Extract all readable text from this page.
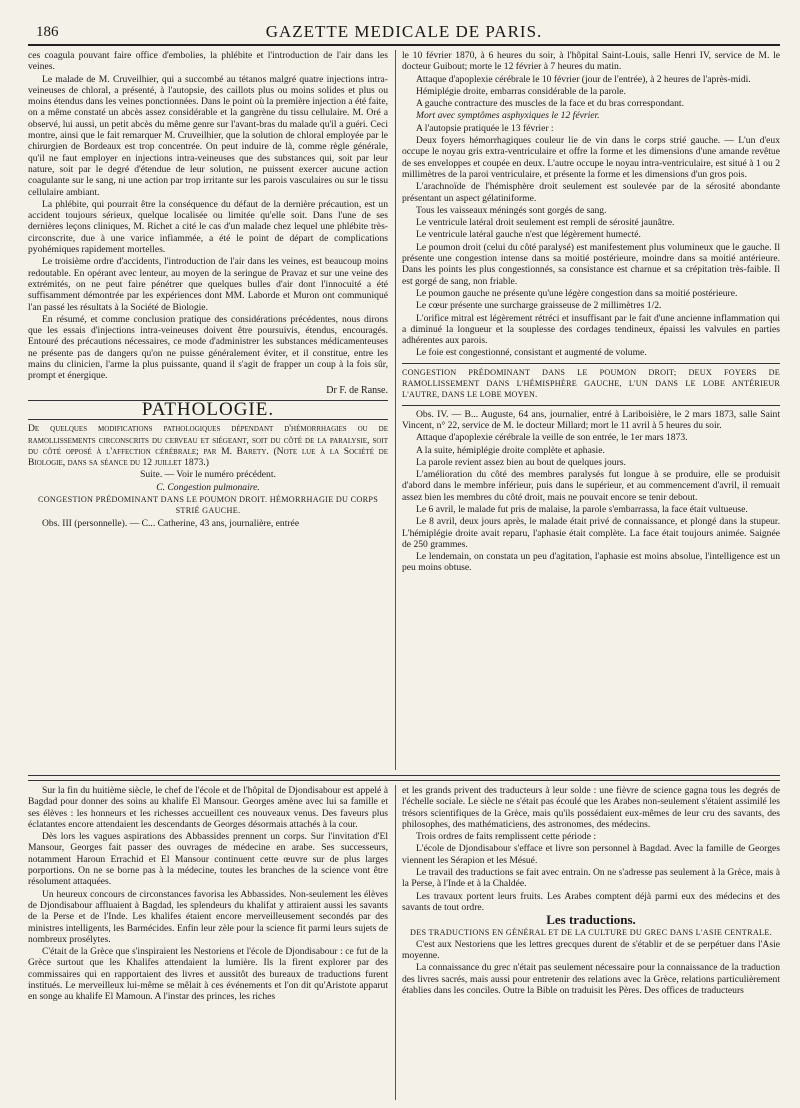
186	GAZETTE MEDICALE DE PARIS.

ces coagula pouvant faire office d'embolies, la phlébite et l'introduction de l'air dans les veines.

Le malade de M. Cruveilhier, qui a succombé au tétanos malgré quatre injections intra-veineuses de chloral, a présenté, à l'autopsie, des caillots plus ou moins solides et plus ou moins étendus dans les veines ponctionnées. Dans le point où la première injection a été faite, on a même constaté un abcès assez considérable et la gangrène du tissu cellulaire. M. Oré a observé, lui aussi, un petit abcès du même genre sur l'avant-bras du malade qu'il a guéri. Ceci montre, ainsi que le fait remarquer M. Cruveilhier, que la solution de chloral employée par le chirurgien de Bordeaux est trop concentrée. On peut induire de là, comme règle générale, qu'il ne faut employer en injections intra-veineuses que des substances qui, soit par leur nature, soit par le degré d'étendue de leur solution, ne puissent exercer aucune action coagulante sur le sang, ni une action par trop irritante sur les parois vasculaires ou sur le tissu cellulaire ambiant.

La phlébite, qui pourrait être la conséquence du défaut de la dernière précaution, est un accident toujours sérieux, quelque localisée ou limitée qu'elle soit. Dans l'une de ses dernières leçons cliniques, M. Richet a cité le cas d'un malade chez lequel une phlébite très-circonscrite, due à une varice infiammée, a été le point de départ de complications pyohémiques rapidement mortelles.

Le troisième ordre d'accidents, l'introduction de l'air dans les veines, est beaucoup moins redoutable. En opérant avec lenteur, au moyen de la seringue de Pravaz et sur une veine des extrémités, on ne peut faire pénétrer que quelques bulles d'air dont l'innocuité a été suffisamment démontrée par les expériences dont MM. Laborde et Muron ont communiqué l'an passé les résultats à la Société de Biologie.

En résumé, et comme conclusion pratique des considérations précédentes, nous dirons que les essais d'injections intra-veineuses doivent être poursuivis, étendus, encouragés. Entouré des précautions nécessaires, ce mode d'administrer les substances médicamenteuses ne présente pas de dangers qu'on ne puisse généralement éviter, et il constitue, entre les mains du clinicien, l'arme la plus puissante, quand il s'agit de frapper un coup à la fois sûr, prompt et énergique.

Dr F. de Ranse.
PATHOLOGIE.

De quelques modifications pathologiques dépendant d'hémorrhagies ou de ramollissements circonscrits du cerveau et siégeant, soit du côté de la paralysie, soit du côté opposé à l'affection cérébrale; par M. Barety. (Note lue à la Société de Biologie, dans sa séance du 12 juillet 1873.)

Suite. — Voir le numéro précédent.

C. Congestion pulmonaire.

CONGESTION PRÉDOMINANT DANS LE POUMON DROIT. HÉMORRHAGIE DU CORPS STRIÉ GAUCHE.

Obs. III (personnelle). — C... Catherine, 43 ans, journalière, entrée

le 10 février 1870, à 6 heures du soir, à l'hôpital Saint-Louis, salle Henri IV, service de M. le docteur Guibout; morte le 12 février à 7 heures du matin.

Attaque d'apoplexie cérébrale le 10 février (jour de l'entrée), à 2 heures de l'après-midi.

Hémiplégie droite, embarras considérable de la parole.

A gauche contracture des muscles de la face et du bras correspondant.

Mort avec symptômes asphyxiques le 12 février.

A l'autopsie pratiquée le 13 février :

Deux foyers hémorrhagiques couleur lie de vin dans le corps strié gauche. — L'un d'eux occupe le noyau gris extra-ventriculaire et offre la forme et les dimensions d'une amande revêtue de ses enveloppes et coupée en deux. L'autre occupe le noyau intra-ventriculaire, est situé à 1 ou 2 millimètres de la paroi ventriculaire, et présente la forme et les dimensions d'un gros pois.

L'arachnoïde de l'hémisphère droit seulement est soulevée par de la sérosité abondante présentant un aspect gélatiniforme.

Tous les vaisseaux méningés sont gorgés de sang.

Le ventricule latéral droit seulement est rempli de sérosité jaunâtre.

Le ventricule latéral gauche n'est que légèrement humecté.

Le poumon droit (celui du côté paralysé) est manifestement plus volumineux que le gauche. Il présente une congestion intense dans sa moitié postérieure, moindre dans sa moitié antérieure. Dans les points les plus congestionnés, sa consistance est charnue et sa crépitation très-faible. Il est gorgé de sang, non friable.

Le poumon gauche ne présente qu'une légère congestion dans sa moitié postérieure.

Le cœur présente une surcharge graisseuse de 2 millimètres 1/2.

L'orifice mitral est légèrement rétréci et insuffisant par le fait d'une ancienne inflammation qui a diminué la longueur et la souplesse des cordages tendineux, épaissi les valvules en parties adhérentes aux parois.

Le foie est congestionné, consistant et augmenté de volume.

CONGESTION PRÉDOMINANT DANS LE POUMON DROIT; DEUX FOYERS DE RAMOLLISSEMENT DANS L'HÉMISPHÈRE GAUCHE, L'UN DANS LE LOBE ANTÉRIEUR L'AUTRE, DANS LE LOBE MOYEN.

Obs. IV. — B... Auguste, 64 ans, journalier, entré à Lariboisière, le 2 mars 1873, salle Saint Vincent, n° 22, service de M. le docteur Millard; mort le 11 avril à 5 heures du soir.

Attaque d'apoplexie cérébrale la veille de son entrée, le 1er mars 1873.

A la suite, hémiplégie droite complète et aphasie.

La parole revient assez bien au bout de quelques jours.

L'amélioration du côté des membres paralysés fut longue à se produire, elle se produisit d'abord dans le membre inférieur, puis dans le supérieur, et au commencement d'avril, il remuait assez bien les membres du côté droit, mais ne pouvait encore se tenir debout.

Le 6 avril, le malade fut pris de malaise, la parole s'embarrassa, la face était vultueuse.

Le 8 avril, deux jours après, le malade était privé de connaissance, et plongé dans la stupeur. L'hémiplégie droite avait reparu, l'aphasie était complète. La face était toujours animée. Saignée de 250 grammes.

Le lendemain, on constata un peu d'agitation, l'aphasie est moins absolue, l'intelligence est un peu moins obtuse.

Sur la fin du huitième siècle, le chef de l'école et de l'hôpital de Djondisabour est appelé à Bagdad pour donner des soins au khalife El Mansour. Georges amène avec lui sa famille et ses élèves : les honneurs et les richesses accueillent ces nouveaux venus. Des faveurs plus éclatantes encore attendaient les descendants de Georges désormais attachés à la cour.

Dès lors les vagues aspirations des Abbassides prennent un corps. Sur l'invitation d'El Mansour, Georges fait passer des ouvrages de médecine en arabe. Ses successeurs, notamment Haroun Errachid et El Mansour continuent cette œuvre sur de plus larges porportions. On ne se borne pas à la médecine, toutes les branches de la science vont être résolument attaquées.

Un heureux concours de circonstances favorisa les Abbassides. Non-seulement les élèves de Djondisabour affluaient à Bagdad, les splendeurs du khalifat y attiraient aussi les savants de la Perse et de l'Inde. Les khalifes étaient encore merveilleusement secondés par des ministres intelligents, les Barmécides. Enfin leur zèle pour la science fit parmi leurs sujets de nombreux prosélytes.

C'était de la Grèce que s'inspiraient les Nestoriens et l'école de Djondisabour : ce fut de la Grèce surtout que les Khalifes attendaient la lumière. Ils la firent explorer par des commissaires qui en rapportaient des livres et aussitôt des bureaux de traductions furent institués. Le merveilleux lui-même se mêlait à ces événements et l'on dit qu'Aristote apparut en songe au khalife El Mamoun. A l'instar des princes, les riches

et les grands privent des traducteurs à leur solde : une fièvre de science gagna tous les degrés de l'échelle sociale. Le siècle ne s'était pas écoulé que les Arabes non-seulement s'étaient assimilé les trésors scientifiques de la Grèce, mais qu'ils possédaient eux-mêmes de leur cru des savants, des philosophes, des mathématiciens, des astronomes, des médecins.

Trois ordres de faits remplissent cette période :

L'école de Djondisabour s'efface et livre son personnel à Bagdad. Avec la famille de Georges viennent les Sérapion et les Mésué.

Le travail des traductions se fait avec entrain. On ne s'adresse pas seulement à la Grèce, mais à la Perse, à l'Inde et à la Chaldée.

Les travaux portent leurs fruits. Les Arabes comptent déjà parmi eux des médecins et des savants de tout ordre.

Les traductions.

DES TRADUCTIONS EN GÉNÉRAL ET DE LA CULTURE DU GREC DANS L'ASIE CENTRALE.

C'est aux Nestoriens que les lettres grecques durent de s'établir et de se perpétuer dans l'Asie moyenne.

La connaissance du grec n'était pas seulement nécessaire pour la connaissance de la traduction des livres sacrés, mais aussi pour entretenir des relations avec la Grèce, relations particulièrement établies dans les conciles. Outre la Bible on traduisit les Pères. Des offices de traducteurs
